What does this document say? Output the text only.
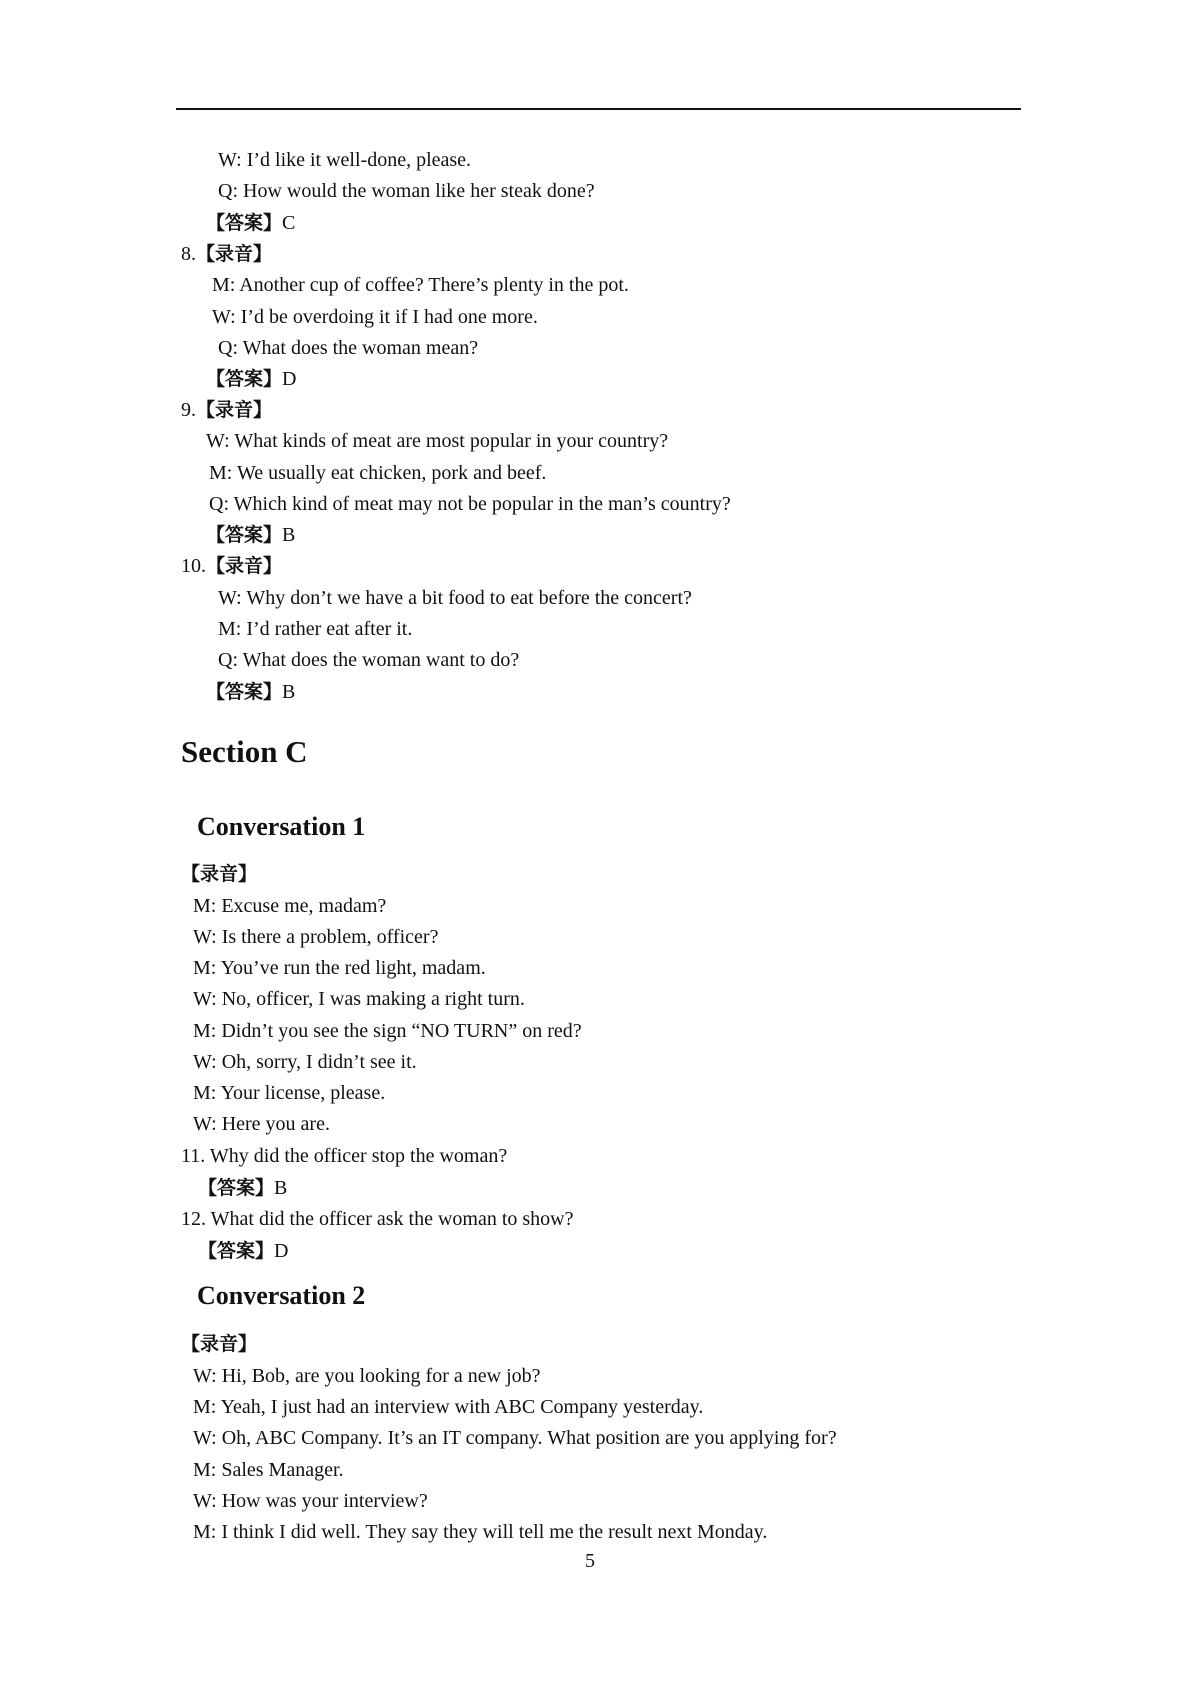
W: I’d like it well-done, please.
Q: How would the woman like her steak done?
【答案】C
8.【录音】
M: Another cup of coffee? There’s plenty in the pot.
W: I’d be overdoing it if I had one more.
Q: What does the woman mean?
【答案】D
9.【录音】
W: What kinds of meat are most popular in your country?
M: We usually eat chicken, pork and beef.
Q: Which kind of meat may not be popular in the man’s country?
【答案】B
10.【录音】
W: Why don’t we have a bit food to eat before the concert?
M: I’d rather eat after it.
Q: What does the woman want to do?
【答案】B
【录音】
M: Excuse me, madam?
W: Is there a problem, officer?
M: You’ve run the red light, madam.
W: No, officer, I was making a right turn.
M: Didn’t you see the sign “NO TURN” on red?
W: Oh, sorry, I didn’t see it.
M: Your license, please.
W: Here you are.
11. Why did the officer stop the woman?
【答案】B
12. What did the officer ask the woman to show?
【答案】D
【录音】
W: Hi, Bob, are you looking for a new job?
M: Yeah, I just had an interview with ABC Company yesterday.
W: Oh, ABC Company. It’s an IT company. What position are you applying for?
M: Sales Manager.
W: How was your interview?
M: I think I did well. They say they will tell me the result next Monday.
Section C
Conversation 1
Conversation 2
5
